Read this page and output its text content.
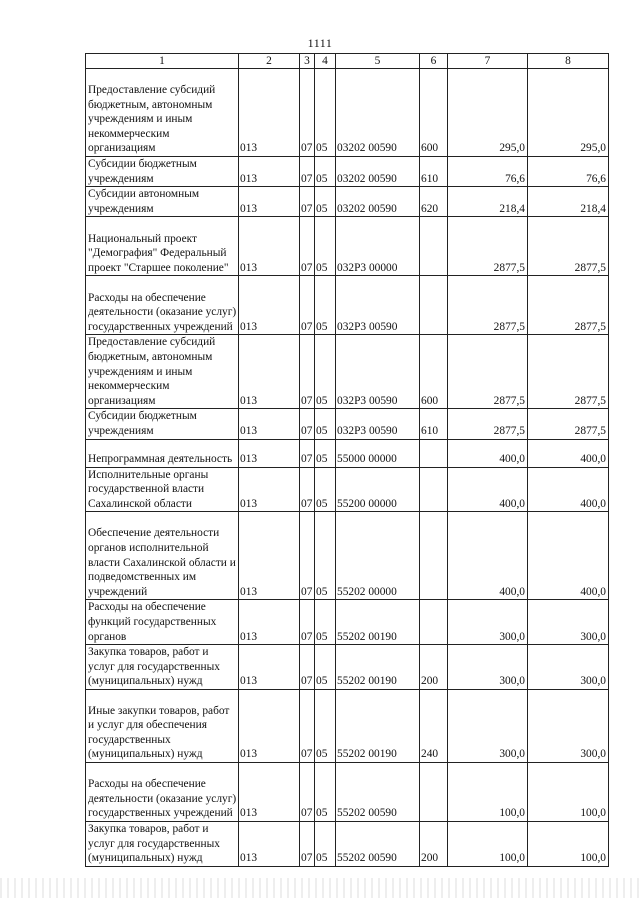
1111
1	2	3	4	5	6	7	8
Предоставление субсидий бюджетным, автономным учреждениям и иным некоммерческим организациям	013	07	05	03202 00590	600	295,0	295,0
Субсидии бюджетным учреждениям	013	07	05	03202 00590	610	76,6	76,6
Субсидии автономным учреждениям	013	07	05	03202 00590	620	218,4	218,4
Национальный проект "Демография" Федеральный проект "Старшее поколение"	013	07	05	032P3 00000		2877,5	2877,5
Расходы на обеспечение деятельности (оказание услуг) государственных учреждений	013	07	05	032P3 00590		2877,5	2877,5
Предоставление субсидий бюджетным, автономным учреждениям и иным некоммерческим организациям	013	07	05	032P3 00590	600	2877,5	2877,5
Субсидии бюджетным учреждениям	013	07	05	032P3 00590	610	2877,5	2877,5
Непрограммная деятельность	013	07	05	55000 00000		400,0	400,0
Исполнительные органы государственной власти Сахалинской области	013	07	05	55200 00000		400,0	400,0
Обеспечение деятельности органов исполнительной власти Сахалинской области и подведомственных им учреждений	013	07	05	55202 00000		400,0	400,0
Расходы на обеспечение функций государственных органов	013	07	05	55202 00190		300,0	300,0
Закупка товаров, работ и услуг для государственных (муниципальных) нужд	013	07	05	55202 00190	200	300,0	300,0
Иные закупки товаров, работ и услуг для обеспечения государственных (муниципальных) нужд	013	07	05	55202 00190	240	300,0	300,0
Расходы на обеспечение деятельности (оказание услуг) государственных учреждений	013	07	05	55202 00590		100,0	100,0
Закупка товаров, работ и услуг для государственных (муниципальных) нужд	013	07	05	55202 00590	200	100,0	100,0
